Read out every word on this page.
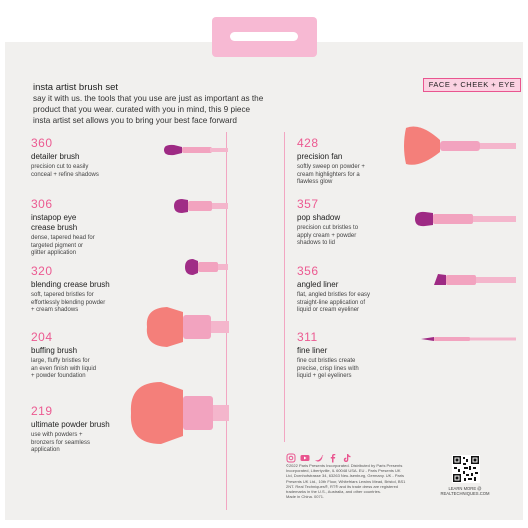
insta artist brush set
say it with us. the tools that you use are just as important as the
product that you wear. curated with you in mind, this 9 piece
insta artist set allows you to bring your best face forward
FACE + CHEEK + EYE
360
detailer brush
precision cut to easily
conceal + refine shadows
306
instapop eye
crease brush
dense, tapered head for
targeted pigment or
glitter application
320
blending crease brush
soft, tapered bristles for
effortlessly blending powder
+ cream shadows
204
buffing brush
large, fluffy bristles for
an even finish with liquid
+ powder foundation
219
ultimate powder brush
use with powders +
bronzers for seamless
application
428
precision fan
softly sweep on powder +
cream highlighters for a
flawless glow
357
pop shadow
precision cut bristles to
apply cream + powder
shadows to lid
356
angled liner
flat, angled bristles for easy
straight-line application of
liquid or cream eyeliner
311
fine liner
fine cut bristles create
precise, crisp lines with
liquid + gel eyeliners
©2022 Paris Presents Incorporated. Distributed by Paris Presents
Incorporated, Libertyville, IL 60048 USA. EU - Paris Presents UK
Ltd, Dornhofstrasse 34, 63263 Neu-Isenburg, Germany. UK - Paris
Presents UK Ltd., 10th Floor, Whitefriars Lewins Mead, Bristol, BS1
2NT. Real Techniques®, RT® and its trade dress are registered
trademarks in the U.S., Australia, and other countries.
Made in China. 0071.
LEARN MORE @
REALTECHNIQUES.COM
